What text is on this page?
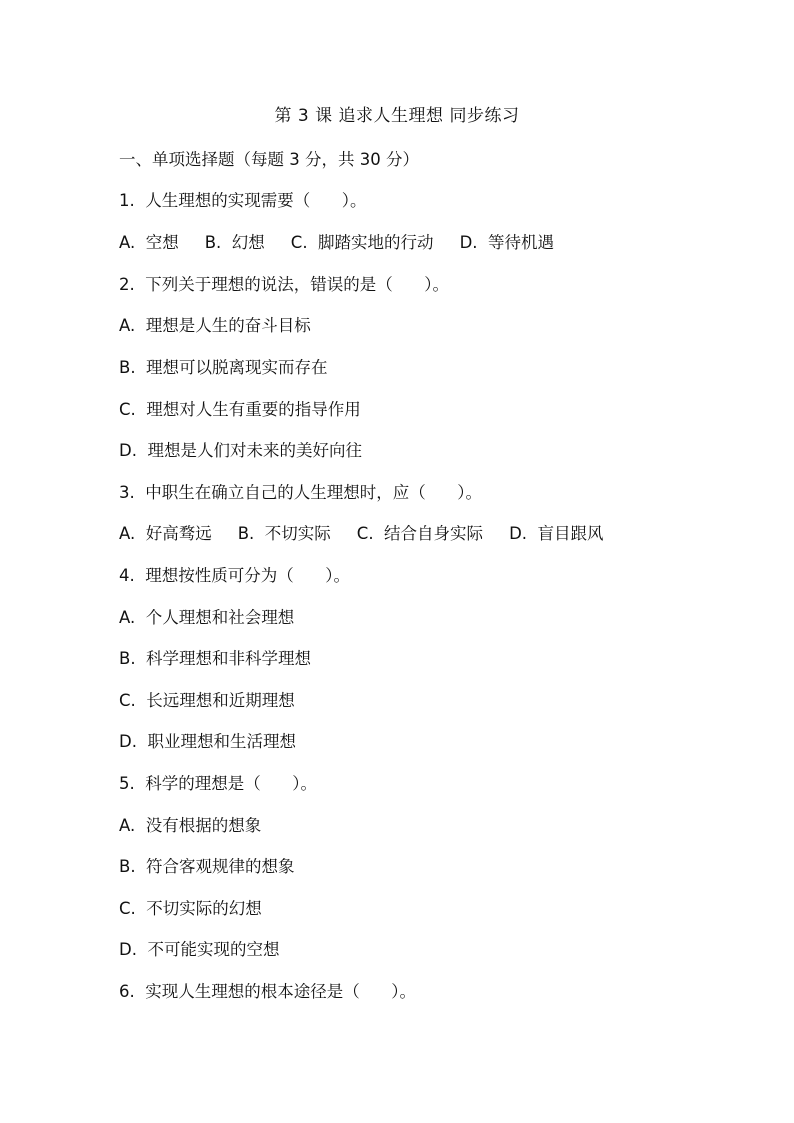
第 3 课 追求人生理想 同步练习
一、单项选择题（每题 3 分，共 30 分）
1.  人生理想的实现需要（      ）。
A.  空想 B.  幻想 C.  脚踏实地的行动 D.  等待机遇
2.  下列关于理想的说法，错误的是（      ）。
A.  理想是人生的奋斗目标
B.  理想可以脱离现实而存在
C.  理想对人生有重要的指导作用
D.  理想是人们对未来的美好向往
3.  中职生在确立自己的人生理想时，应（      ）。
A.  好高骛远 B.  不切实际 C.  结合自身实际 D.  盲目跟风
4.  理想按性质可分为（      ）。
A.  个人理想和社会理想
B.  科学理想和非科学理想
C.  长远理想和近期理想
D.  职业理想和生活理想
5.  科学的理想是（      ）。
A.  没有根据的想象
B.  符合客观规律的想象
C.  不切实际的幻想
D.  不可能实现的空想
6.  实现人生理想的根本途径是（      ）。
